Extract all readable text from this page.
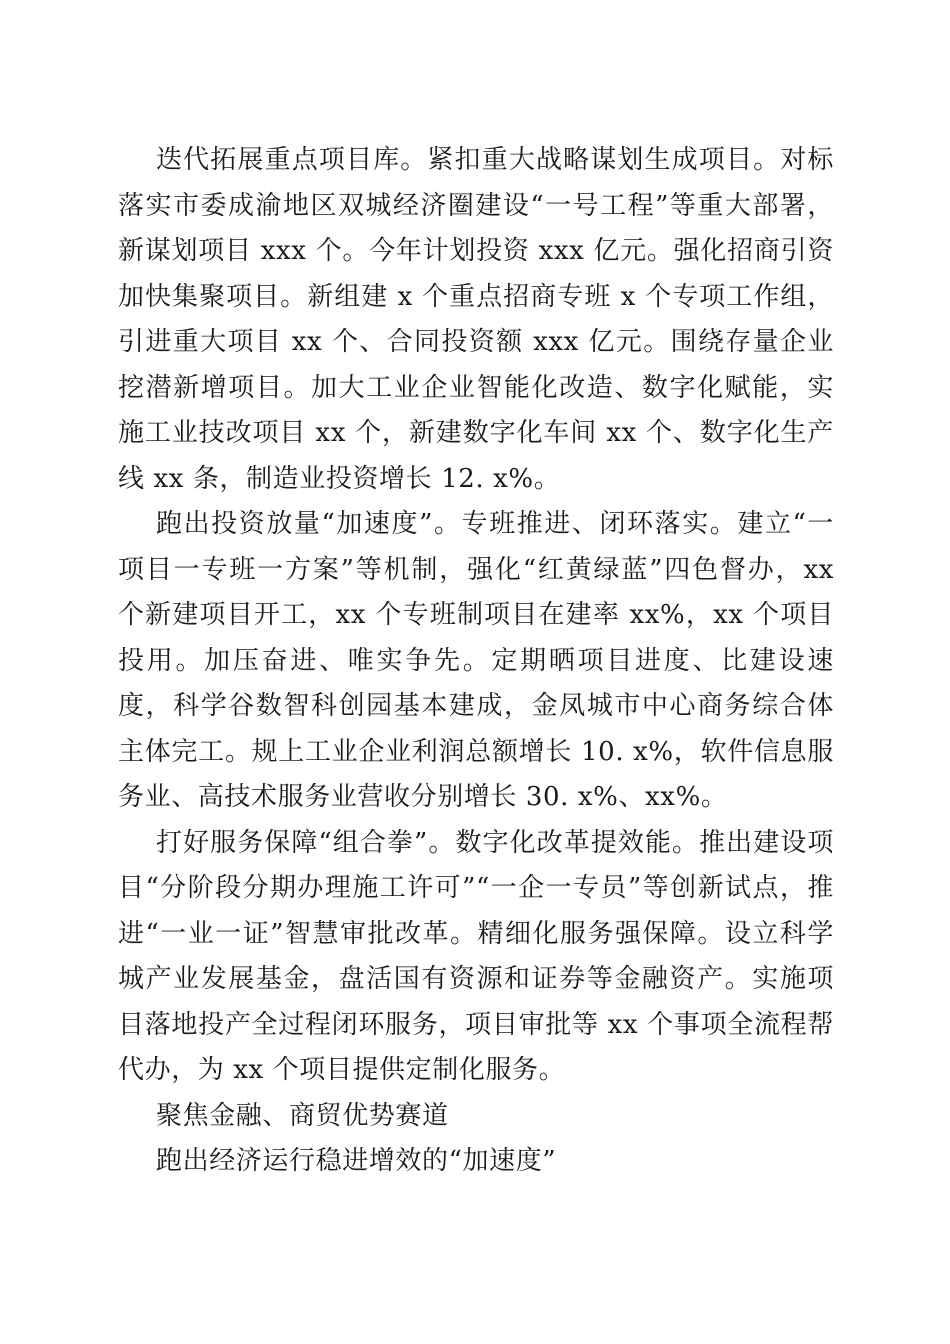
迭代拓展重点项目库。紧扣重大战略谋划生成项目。对标落实市委成渝地区双城经济圈建设“一号工程”等重大部署，新谋划项目 xxx 个。今年计划投资 xxx 亿元。强化招商引资加快集聚项目。新组建 x 个重点招商专班 x 个专项工作组，引进重大项目 xx 个、合同投资额 xxx 亿元。围绕存量企业挖潜新增项目。加大工业企业智能化改造、数字化赋能，实施工业技改项目 xx 个，新建数字化车间 xx 个、数字化生产线 xx 条，制造业投资增长 12. x%。

跑出投资放量“加速度”。专班推进、闭环落实。建立“一项目一专班一方案”等机制，强化“红黄绿蓝”四色督办，xx 个新建项目开工，xx 个专班制项目在建率 xx%，xx 个项目投用。加压奋进、唯实争先。定期晒项目进度、比建设速度，科学谷数智科创园基本建成，金凤城市中心商务综合体主体完工。规上工业企业利润总额增长 10. x%，软件信息服务业、高技术服务业营收分别增长 30. x%、xx%。

打好服务保障“组合拳”。数字化改革提效能。推出建设项目“分阶段分期办理施工许可”“一企一专员”等创新试点，推进“一业一证”智慧审批改革。精细化服务强保障。设立科学城产业发展基金，盘活国有资源和证券等金融资产。实施项目落地投产全过程闭环服务，项目审批等 xx 个事项全流程帮代办，为 xx 个项目提供定制化服务。

聚焦金融、商贸优势赛道

跑出经济运行稳进增效的“加速度”
